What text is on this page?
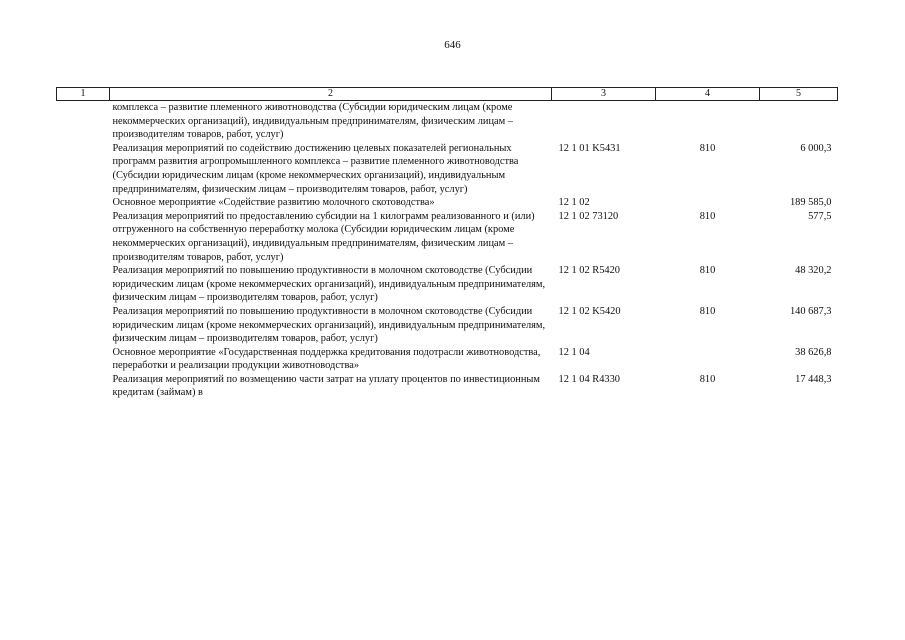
646
1	2	3	4	5
	комплекса – развитие племенного животноводства (Субсидии юридическим лицам (кроме некоммерческих организаций), индивидуальным предпринимателям, физическим лицам – производителям товаров, работ, услуг)			
	Реализация мероприятий по содействию достижению целевых показателей региональных программ развития агропромышленного комплекса – развитие племенного животноводства (Субсидии юридическим лицам (кроме некоммерческих организаций), индивидуальным предпринимателям, физическим лицам – производителям товаров, работ, услуг)	12 1 01 K5431	810	6 000,3
	Основное мероприятие «Содействие развитию молочного скотоводства»	12 1 02		189 585,0
	Реализация мероприятий по предоставлению субсидии на 1 килограмм реализованного и (или) отгруженного на собственную переработку молока (Субсидии юридическим лицам (кроме некоммерческих организаций), индивидуальным предпринимателям, физическим лицам – производителям товаров, работ, услуг)	12 1 02 73120	810	577,5
	Реализация мероприятий по повышению продуктивности в молочном скотоводстве (Субсидии юридическим лицам (кроме некоммерческих организаций), индивидуальным предпринимателям, физическим лицам – производителям товаров, работ, услуг)	12 1 02 R5420	810	48 320,2
	Реализация мероприятий по повышению продуктивности в молочном скотоводстве (Субсидии юридическим лицам (кроме некоммерческих организаций), индивидуальным предпринимателям, физическим лицам – производителям товаров, работ, услуг)	12 1 02 K5420	810	140 687,3
	Основное мероприятие «Государственная поддержка кредитования подотрасли животноводства, переработки и реализации продукции животноводства»	12 1 04		38 626,8
	Реализация мероприятий по возмещению части затрат на уплату процентов по инвестиционным кредитам (займам) в	12 1 04 R4330	810	17 448,3
